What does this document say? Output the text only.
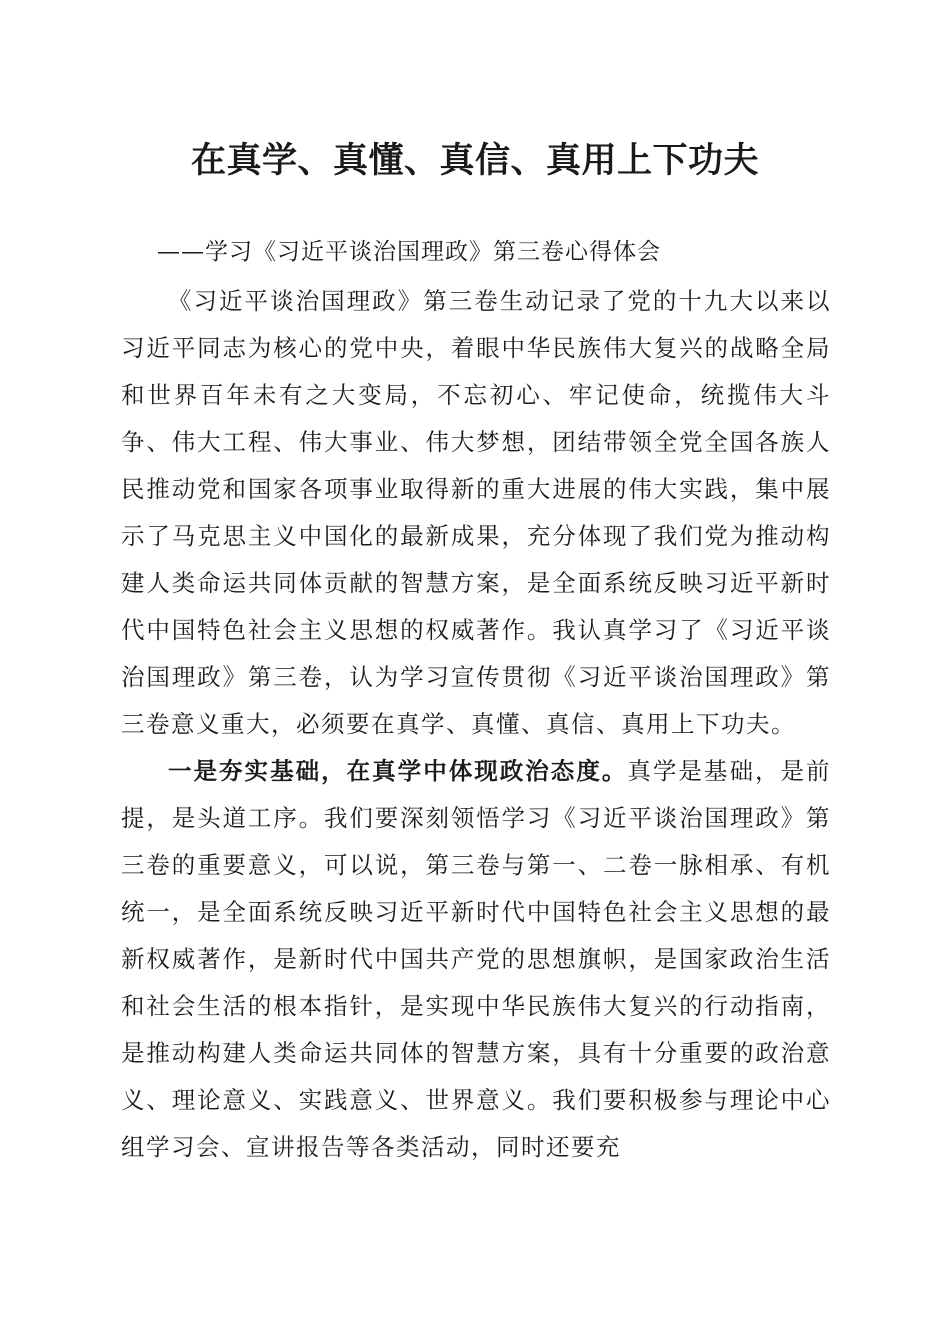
在真学、真懂、真信、真用上下功夫
——学习《习近平谈治国理政》第三卷心得体会

《习近平谈治国理政》第三卷生动记录了党的十九大以来以习近平同志为核心的党中央，着眼中华民族伟大复兴的战略全局和世界百年未有之大变局，不忘初心、牢记使命，统揽伟大斗争、伟大工程、伟大事业、伟大梦想，团结带领全党全国各族人民推动党和国家各项事业取得新的重大进展的伟大实践，集中展示了马克思主义中国化的最新成果，充分体现了我们党为推动构建人类命运共同体贡献的智慧方案，是全面系统反映习近平新时代中国特色社会主义思想的权威著作。我认真学习了《习近平谈治国理政》第三卷，认为学习宣传贯彻《习近平谈治国理政》第三卷意义重大，必须要在真学、真懂、真信、真用上下功夫。

一是夯实基础，在真学中体现政治态度。真学是基础，是前提，是头道工序。我们要深刻领悟学习《习近平谈治国理政》第三卷的重要意义，可以说，第三卷与第一、二卷一脉相承、有机统一，是全面系统反映习近平新时代中国特色社会主义思想的最新权威著作，是新时代中国共产党的思想旗帜，是国家政治生活和社会生活的根本指针，是实现中华民族伟大复兴的行动指南，是推动构建人类命运共同体的智慧方案，具有十分重要的政治意义、理论意义、实践意义、世界意义。我们要积极参与理论中心组学习会、宣讲报告等各类活动，同时还要充
